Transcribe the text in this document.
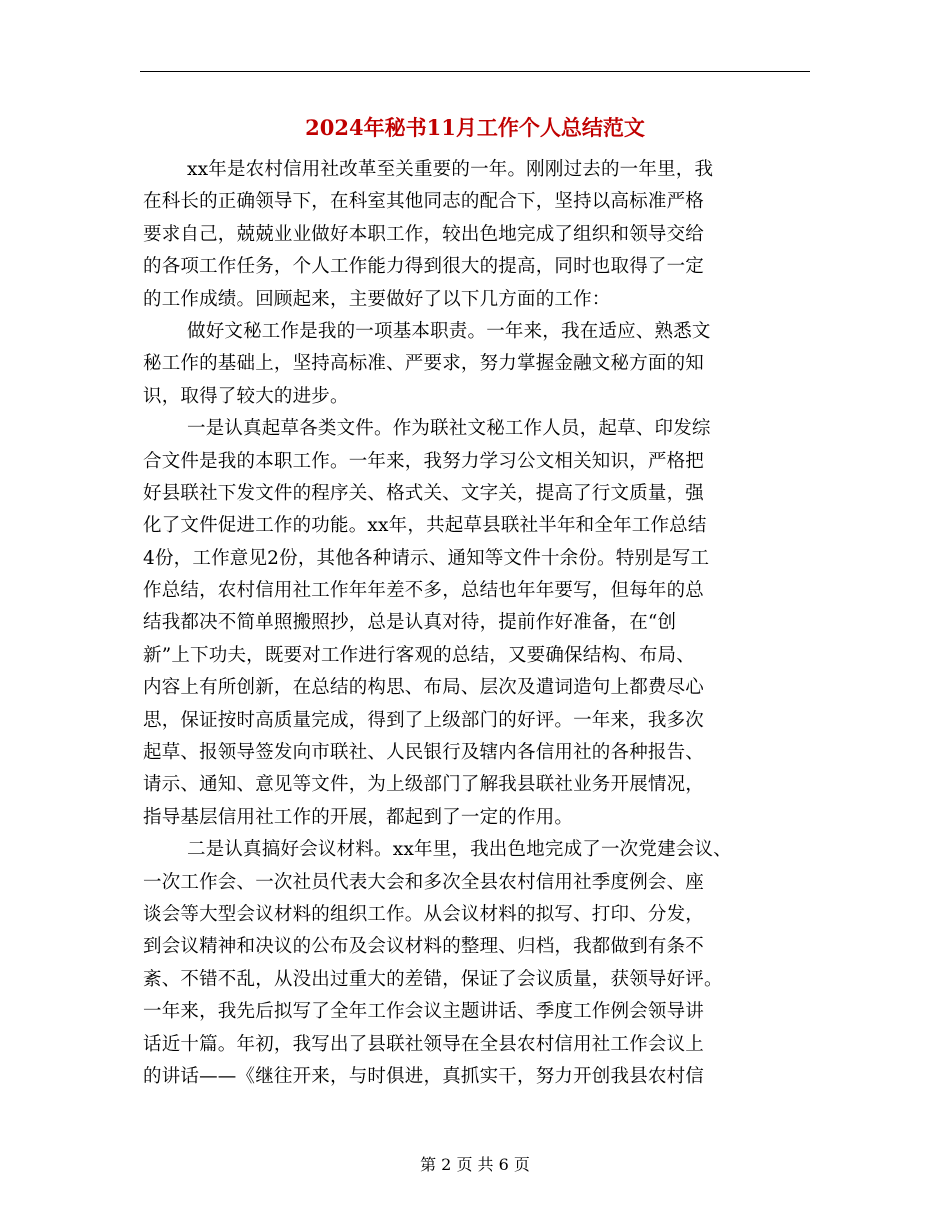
2024年秘书11月工作个人总结范文
xx年是农村信用社改革至关重要的一年。刚刚过去的一年里，我
在科长的正确领导下，在科室其他同志的配合下，坚持以高标准严格
要求自己，兢兢业业做好本职工作，较出色地完成了组织和领导交给
的各项工作任务，个人工作能力得到很大的提高，同时也取得了一定
的工作成绩。回顾起来，主要做好了以下几方面的工作：
做好文秘工作是我的一项基本职责。一年来，我在适应、熟悉文
秘工作的基础上，坚持高标准、严要求，努力掌握金融文秘方面的知
识，取得了较大的进步。
一是认真起草各类文件。作为联社文秘工作人员，起草、印发综
合文件是我的本职工作。一年来，我努力学习公文相关知识，严格把
好县联社下发文件的程序关、格式关、文字关，提高了行文质量，强
化了文件促进工作的功能。xx年，共起草县联社半年和全年工作总结
4份，工作意见2份，其他各种请示、通知等文件十余份。特别是写工
作总结，农村信用社工作年年差不多，总结也年年要写，但每年的总
结我都决不简单照搬照抄，总是认真对待，提前作好准备，在“创
新”上下功夫，既要对工作进行客观的总结，又要确保结构、布局、
内容上有所创新，在总结的构思、布局、层次及遣词造句上都费尽心
思，保证按时高质量完成，得到了上级部门的好评。一年来，我多次
起草、报领导签发向市联社、人民银行及辖内各信用社的各种报告、
请示、通知、意见等文件，为上级部门了解我县联社业务开展情况，
指导基层信用社工作的开展，都起到了一定的作用。
二是认真搞好会议材料。xx年里，我出色地完成了一次党建会议、
一次工作会、一次社员代表大会和多次全县农村信用社季度例会、座
谈会等大型会议材料的组织工作。从会议材料的拟写、打印、分发，
到会议精神和决议的公布及会议材料的整理、归档，我都做到有条不
紊、不错不乱，从没出过重大的差错，保证了会议质量，获领导好评。
一年来，我先后拟写了全年工作会议主题讲话、季度工作例会领导讲
话近十篇。年初，我写出了县联社领导在全县农村信用社工作会议上
的讲话——《继往开来，与时俱进，真抓实干，努力开创我县农村信
第 2 页 共 6 页
